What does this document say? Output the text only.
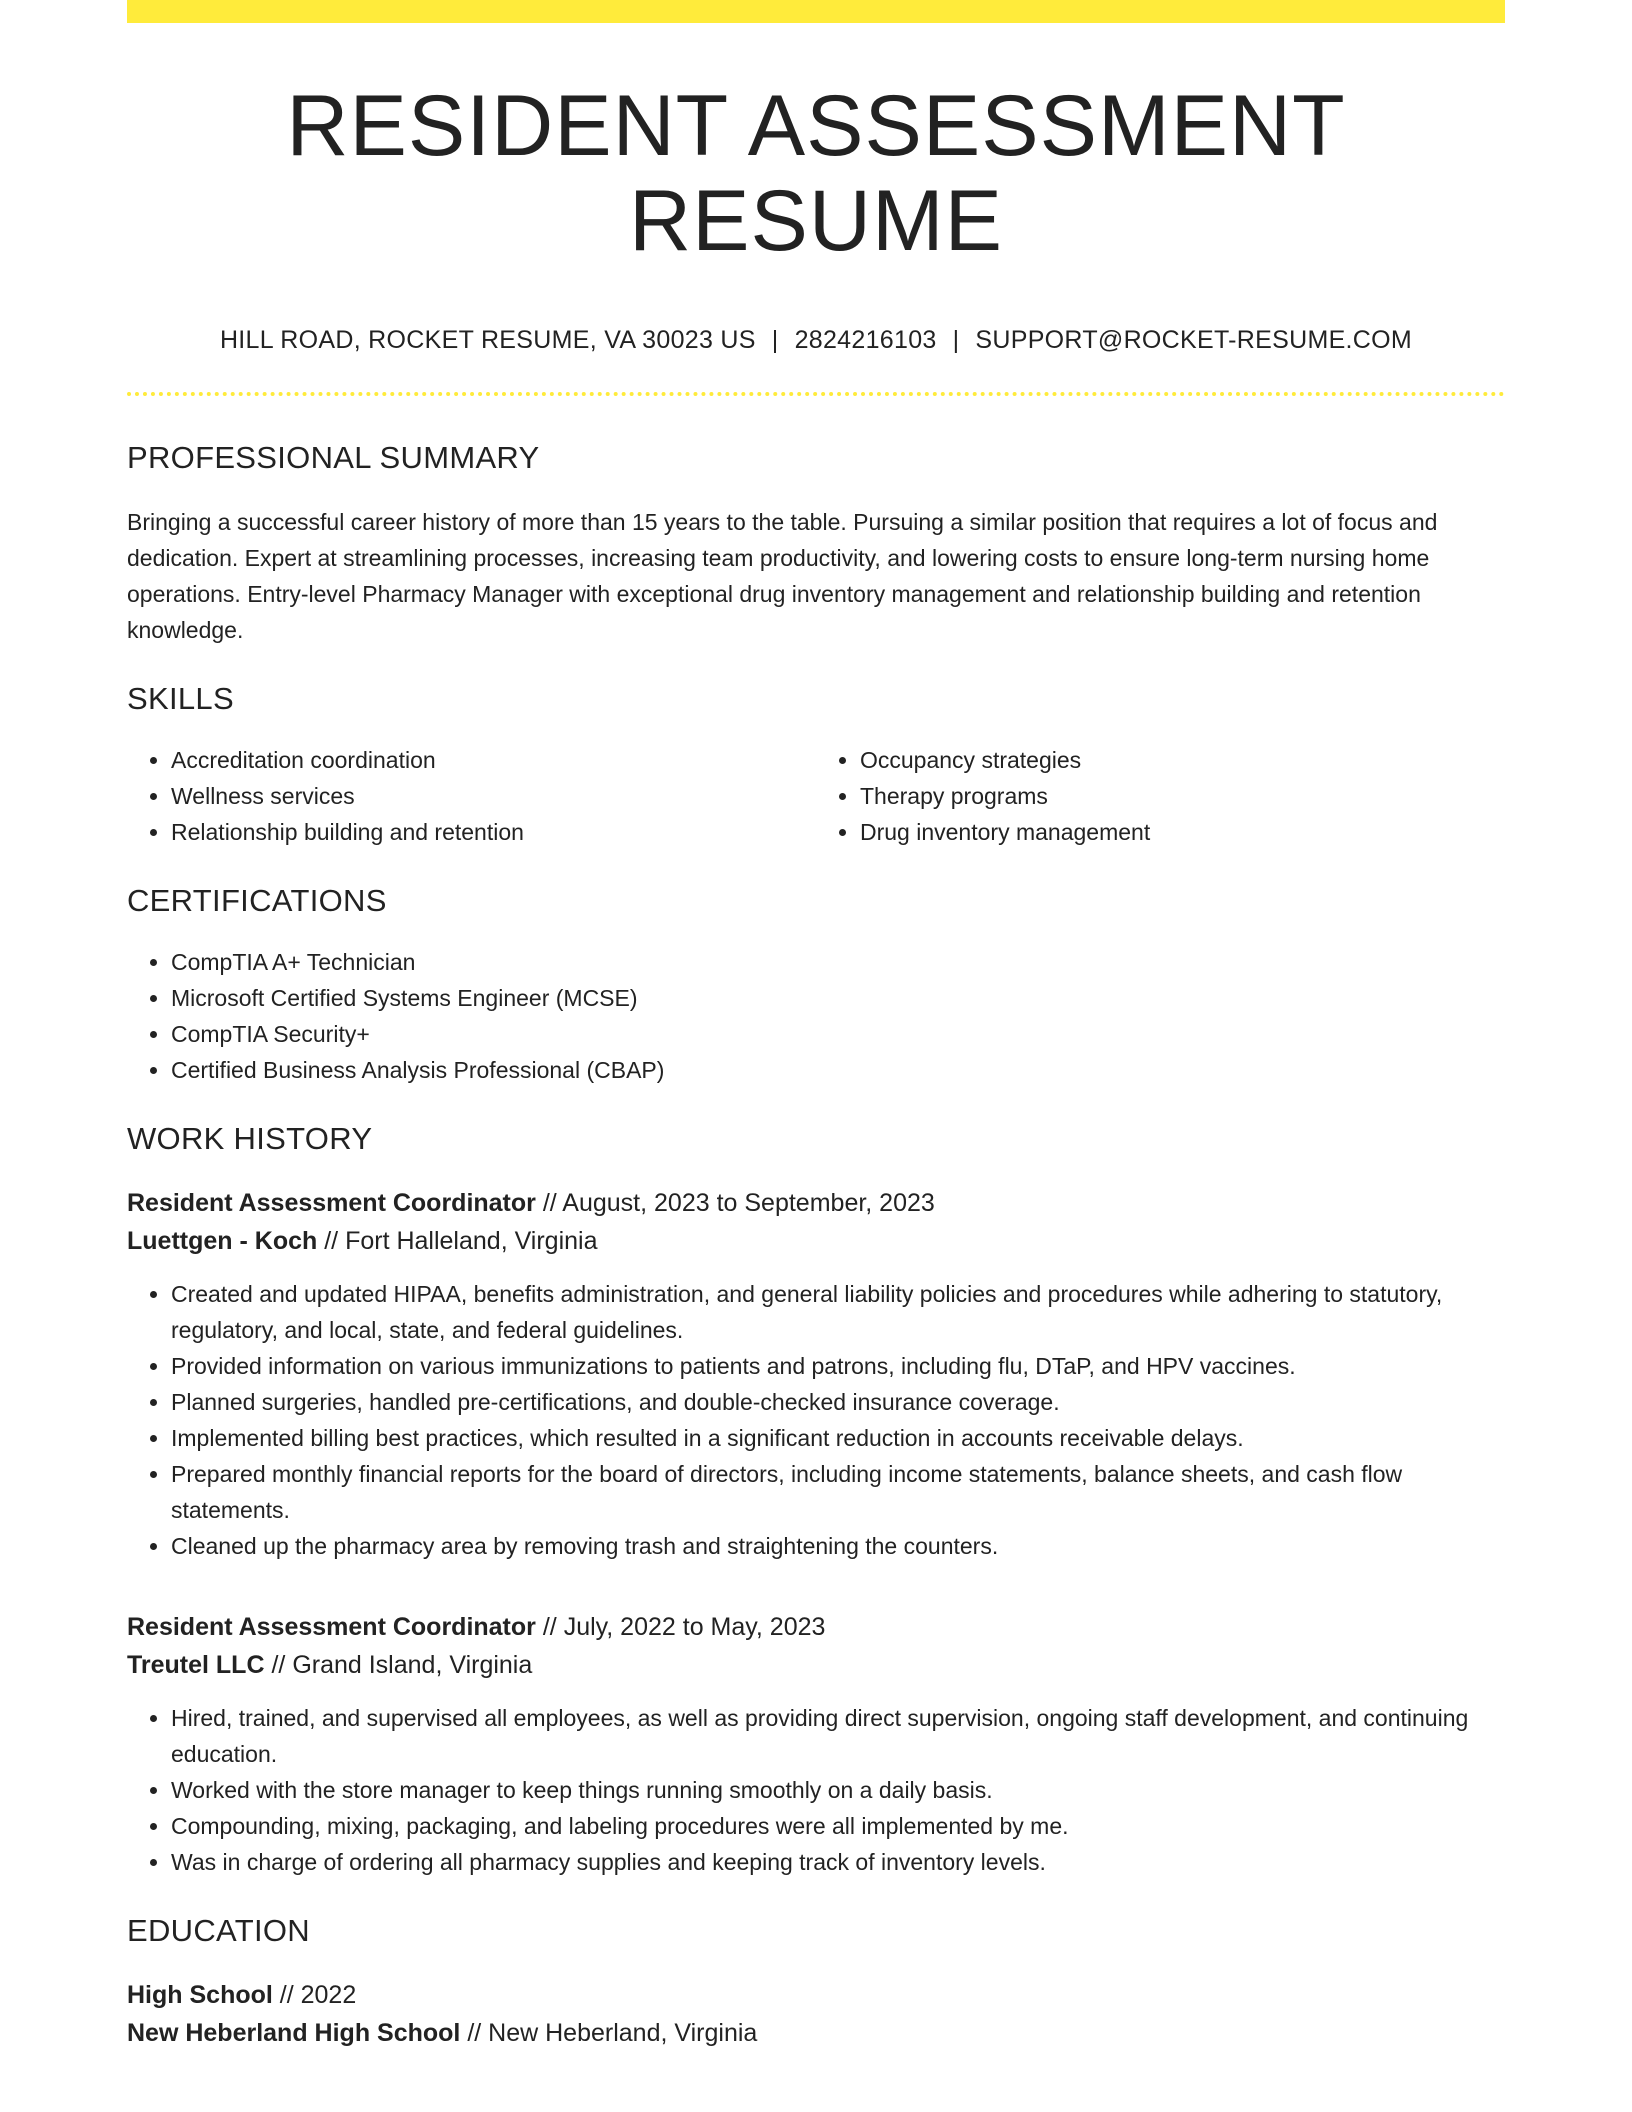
RESIDENT ASSESSMENT RESUME
HILL ROAD, ROCKET RESUME, VA 30023 US | 2824216103 | SUPPORT@ROCKET-RESUME.COM
PROFESSIONAL SUMMARY

Bringing a successful career history of more than 15 years to the table. Pursuing a similar position that requires a lot of focus and dedication. Expert at streamlining processes, increasing team productivity, and lowering costs to ensure long-term nursing home operations. Entry-level Pharmacy Manager with exceptional drug inventory management and relationship building and retention knowledge.

SKILLS
• Accreditation coordination
• Wellness services
• Relationship building and retention
• Occupancy strategies
• Therapy programs
• Drug inventory management
CERTIFICATIONS
• CompTIA A+ Technician
• Microsoft Certified Systems Engineer (MCSE)
• CompTIA Security+
• Certified Business Analysis Professional (CBAP)
WORK HISTORY
Resident Assessment Coordinator // August, 2023 to September, 2023
Luettgen - Koch // Fort Halleland, Virginia
• Created and updated HIPAA, benefits administration, and general liability policies and procedures while adhering to statutory, regulatory, and local, state, and federal guidelines.
• Provided information on various immunizations to patients and patrons, including flu, DTaP, and HPV vaccines.
• Planned surgeries, handled pre-certifications, and double-checked insurance coverage.
• Implemented billing best practices, which resulted in a significant reduction in accounts receivable delays.
• Prepared monthly financial reports for the board of directors, including income statements, balance sheets, and cash flow statements.
• Cleaned up the pharmacy area by removing trash and straightening the counters.
Resident Assessment Coordinator // July, 2022 to May, 2023
Treutel LLC // Grand Island, Virginia
• Hired, trained, and supervised all employees, as well as providing direct supervision, ongoing staff development, and continuing education.
• Worked with the store manager to keep things running smoothly on a daily basis.
• Compounding, mixing, packaging, and labeling procedures were all implemented by me.
• Was in charge of ordering all pharmacy supplies and keeping track of inventory levels.
EDUCATION
High School // 2022
New Heberland High School // New Heberland, Virginia
